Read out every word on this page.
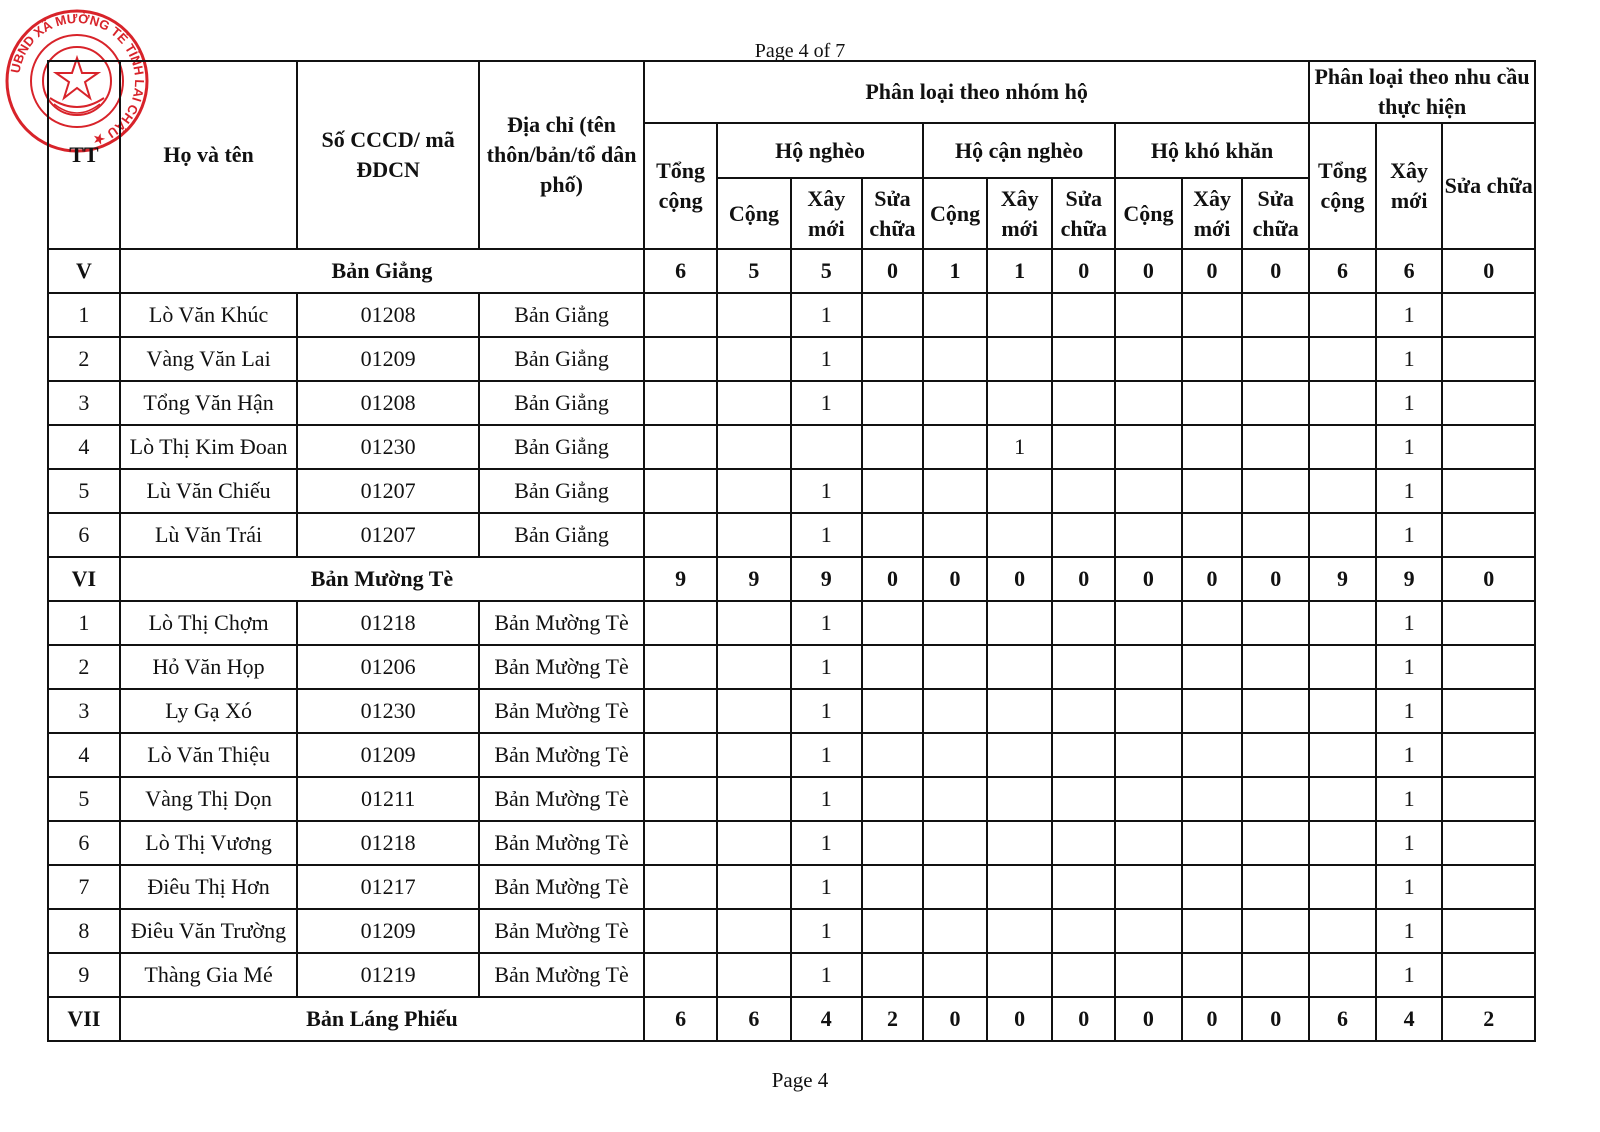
Page 4 of 7
UBND XÃ MƯỜNG TÈ TỈNH LAI CHÂU ★
TT	Họ và tên	Số CCCD/ mã ĐDCN	Địa chỉ (tên thôn/bản/tổ dân phố)	Phân loại theo nhóm hộ										Phân loại theo nhu cầu thực hiện		
				Tổng cộng	Hộ nghèo			Hộ cận nghèo			Hộ khó khăn			Tổng cộng	Xây mới	Sửa chữa
					Cộng	Xây mới	Sửa chữa	Cộng	Xây mới	Sửa chữa	Cộng	Xây mới	Sửa chữa			
V	Bản Giẳng			6	5	5	0	1	1	0	0	0	0	6	6	0
1	Lò Văn Khúc	01208	Bản Giẳng			1									1	
2	Vàng Văn Lai	01209	Bản Giẳng			1									1	
3	Tổng Văn Hận	01208	Bản Giẳng			1									1	
4	Lò Thị Kim Đoan	01230	Bản Giẳng						1						1	
5	Lù Văn Chiếu	01207	Bản Giẳng			1									1	
6	Lù Văn Trái	01207	Bản Giẳng			1									1	
VI	Bản Mường Tè			9	9	9	0	0	0	0	0	0	0	9	9	0
1	Lò Thị Chợm	01218	Bản Mường Tè			1									1	
2	Hỏ Văn Họp	01206	Bản Mường Tè			1									1	
3	Ly Gạ Xó	01230	Bản Mường Tè			1									1	
4	Lò Văn Thiệu	01209	Bản Mường Tè			1									1	
5	Vàng Thị Dọn	01211	Bản Mường Tè			1									1	
6	Lò Thị Vương	01218	Bản Mường Tè			1									1	
7	Điêu Thị Hơn	01217	Bản Mường Tè			1									1	
8	Điêu Văn Trường	01209	Bản Mường Tè			1									1	
9	Thàng Gia Mé	01219	Bản Mường Tè			1									1	
VII	Bản Láng Phiếu			6	6	4	2	0	0	0	0	0	0	6	4	2
Page 4
